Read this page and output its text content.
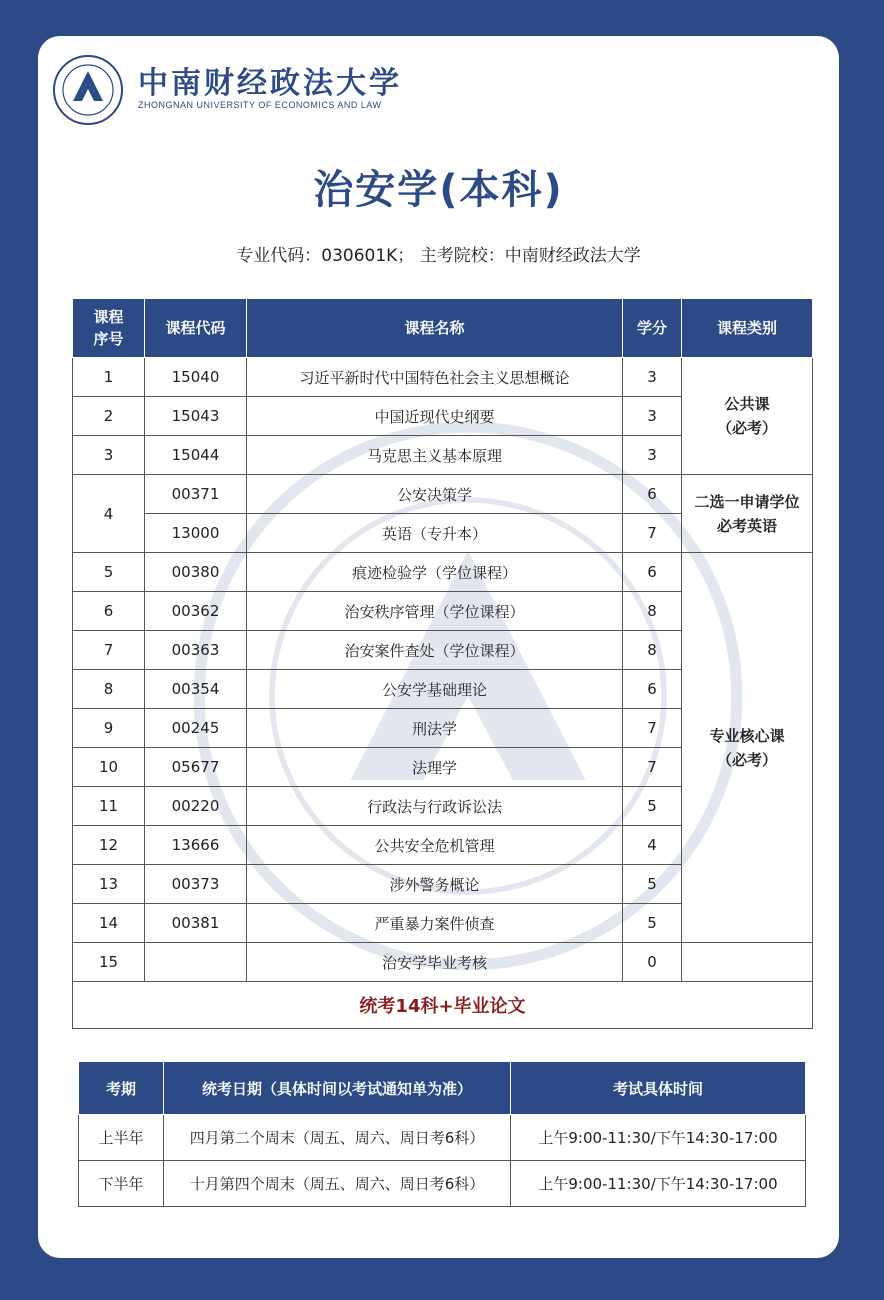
中南财经政法大学
ZHONGNAN UNIVERSITY OF ECONOMICS AND LAW
治安学(本科)
专业代码：030601K； 主考院校：中南财经政法大学
课程
序号	课程代码	课程名称	学分	课程类别
1	15040	习近平新时代中国特色社会主义思想概论	3	公共课
（必考）
2	15043	中国近现代史纲要	3	
3	15044	马克思主义基本原理	3	
4	00371	公安决策学	6	二选一申请学位
必考英语
	13000	英语（专升本）	7	
5	00380	痕迹检验学（学位课程）	6	专业核心课
（必考）
6	00362	治安秩序管理（学位课程）	8	
7	00363	治安案件查处（学位课程）	8	
8	00354	公安学基础理论	6	
9	00245	刑法学	7	
10	05677	法理学	7	
11	00220	行政法与行政诉讼法	5	
12	13666	公共安全危机管理	4	
13	00373	涉外警务概论	5	
14	00381	严重暴力案件侦查	5	
15		治安学毕业考核	0	
统考14科+毕业论文				
考期	统考日期（具体时间以考试通知单为准）	考试具体时间
上半年	四月第二个周末（周五、周六、周日考6科）	上午9:00-11:30/下午14:30-17:00
下半年	十月第四个周末（周五、周六、周日考6科）	上午9:00-11:30/下午14:30-17:00
